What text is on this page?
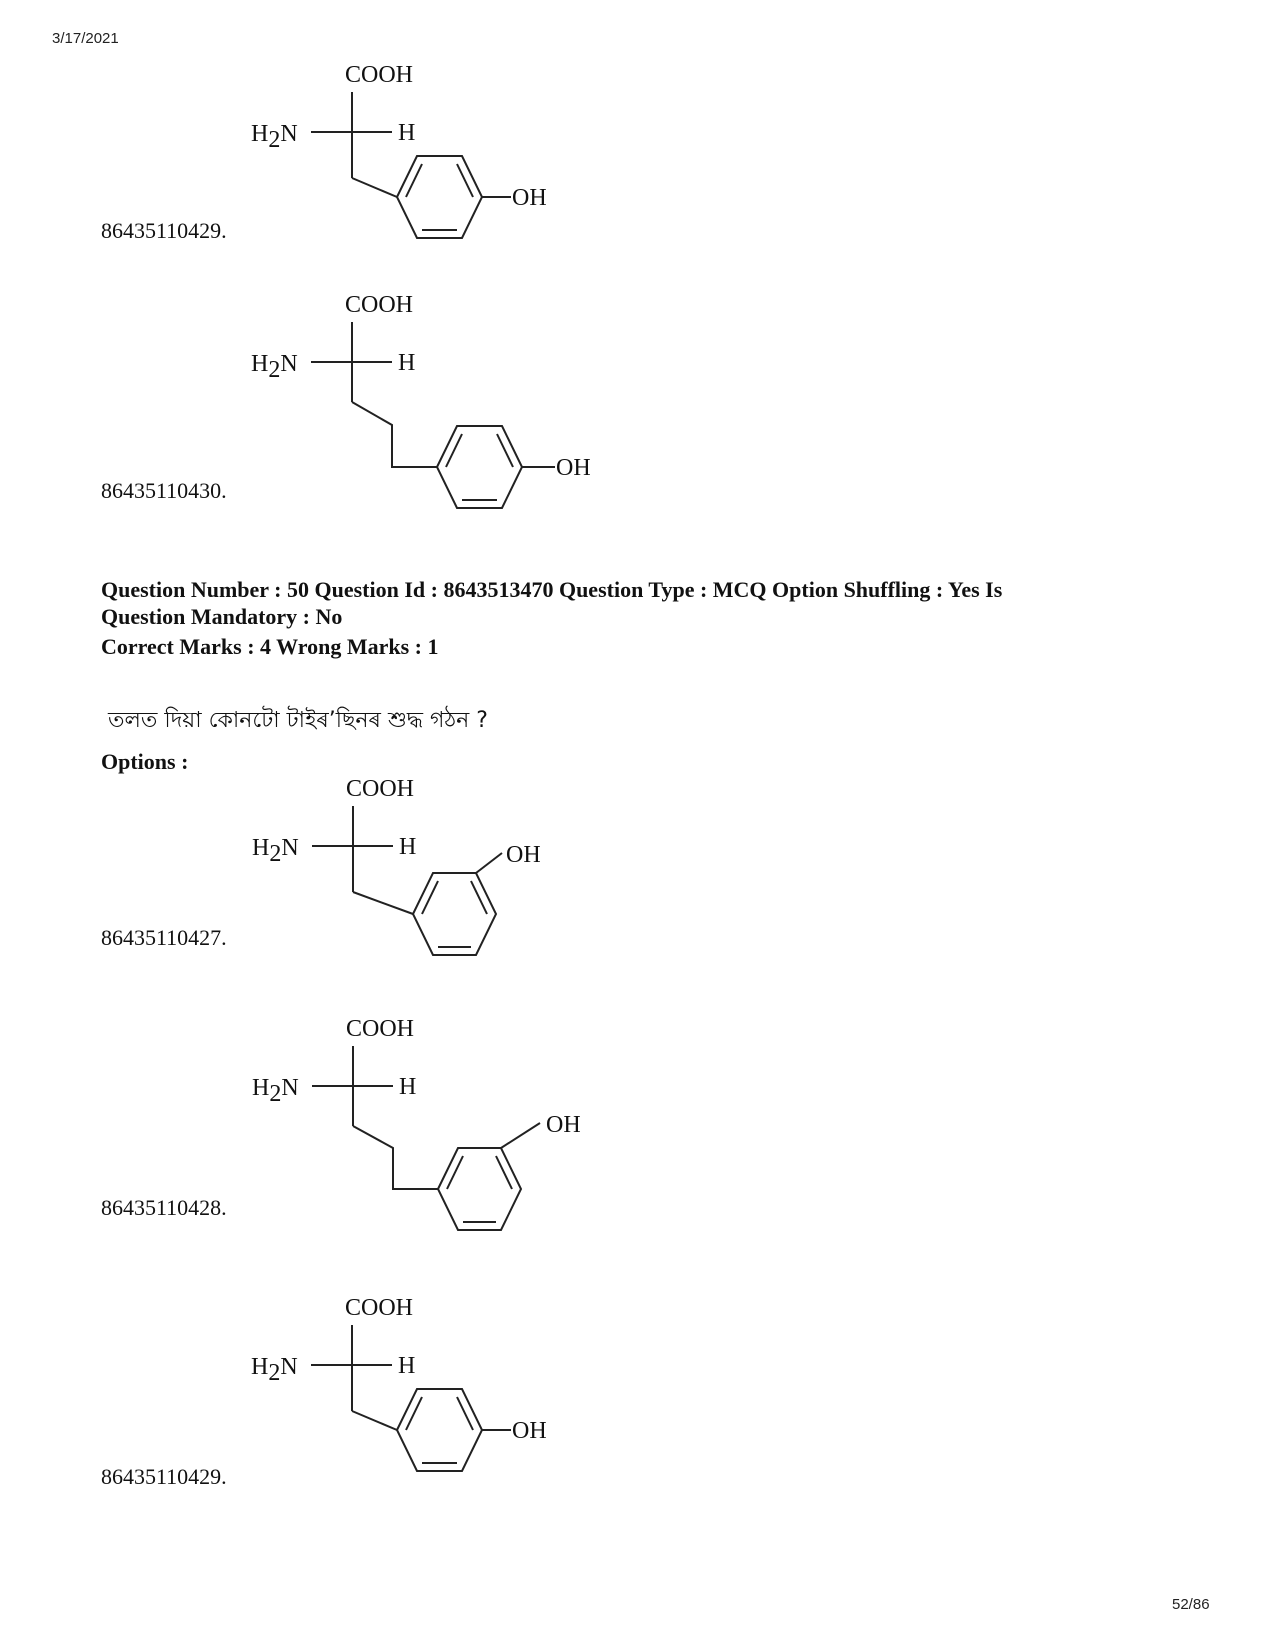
3/17/2021
86435110429.
86435110430.
Question Number : 50 Question Id : 8643513470 Question Type : MCQ Option Shuffling : Yes Is
Question Mandatory : No
Correct Marks : 4 Wrong Marks : 1
তলত দিয়া কোনটো টাইৰ’ছিনৰ শুদ্ধ গঠন ?
Options :
86435110427.
86435110428.
86435110429.
COOH
H2N	H
OH
COOH
H2N	H
OH
COOH
H2N	H	OH
COOH
H2N	H
OH
COOH
H2N	H
OH
52/86
